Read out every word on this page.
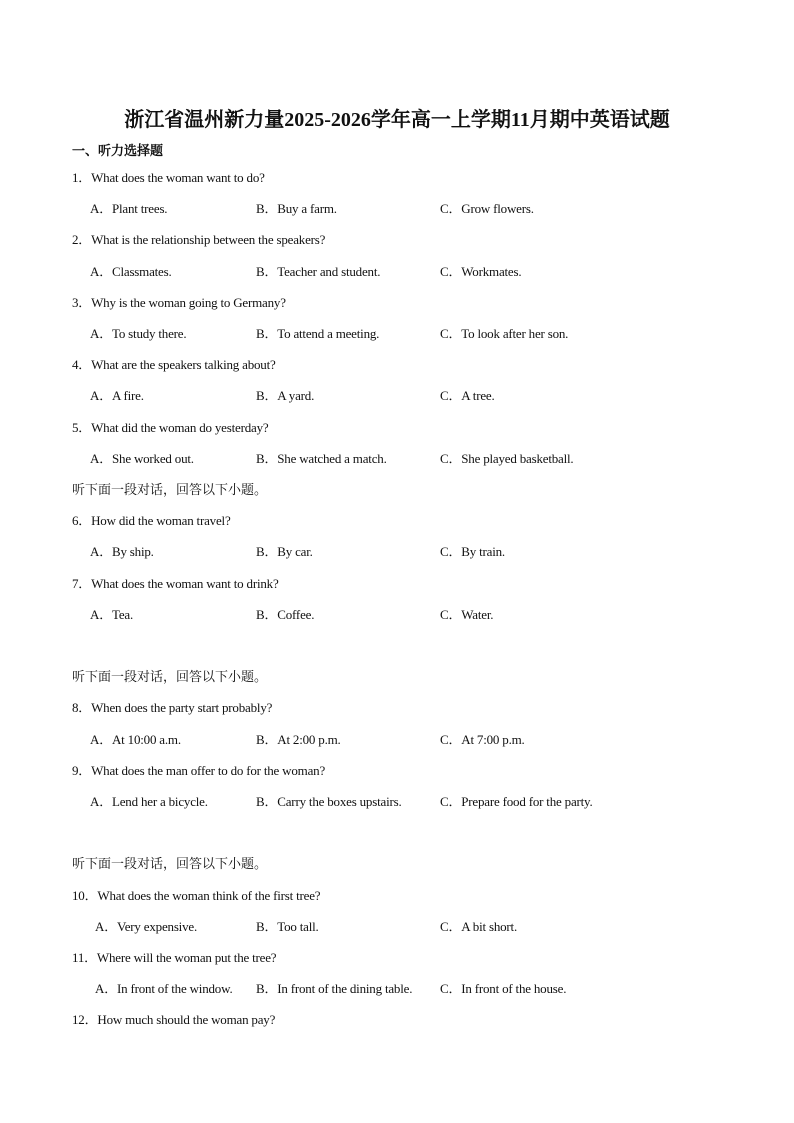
浙江省温州新力量2025-2026学年高一上学期11月期中英语试题
一、听力选择题
1．What does the woman want to do?
A．Plant trees.	B．Buy a farm.	C．Grow flowers.
2．What is the relationship between the speakers?
A．Classmates.	B．Teacher and student.	C．Workmates.
3．Why is the woman going to Germany?
A．To study there.	B．To attend a meeting.	C．To look after her son.
4．What are the speakers talking about?
A．A fire.	B．A yard.	C．A tree.
5．What did the woman do yesterday?
A．She worked out.	B．She watched a match.	C．She played basketball.
听下面一段对话，回答以下小题。
6．How did the woman travel?
A．By ship.	B．By car.	C．By train.
7．What does the woman want to drink?
A．Tea.	B．Coffee.	C．Water.
听下面一段对话，回答以下小题。
8．When does the party start probably?
A．At 10:00 a.m.	B．At 2:00 p.m.	C．At 7:00 p.m.
9．What does the man offer to do for the woman?
A．Lend her a bicycle.	B．Carry the boxes upstairs.	C．Prepare food for the party.
听下面一段对话，回答以下小题。
10．What does the woman think of the first tree?
A．Very expensive.	B．Too tall.	C．A bit short.
11．Where will the woman put the tree?
A．In front of the window. B．In front of the dining table. C．In front of the house.
12．How much should the woman pay?
